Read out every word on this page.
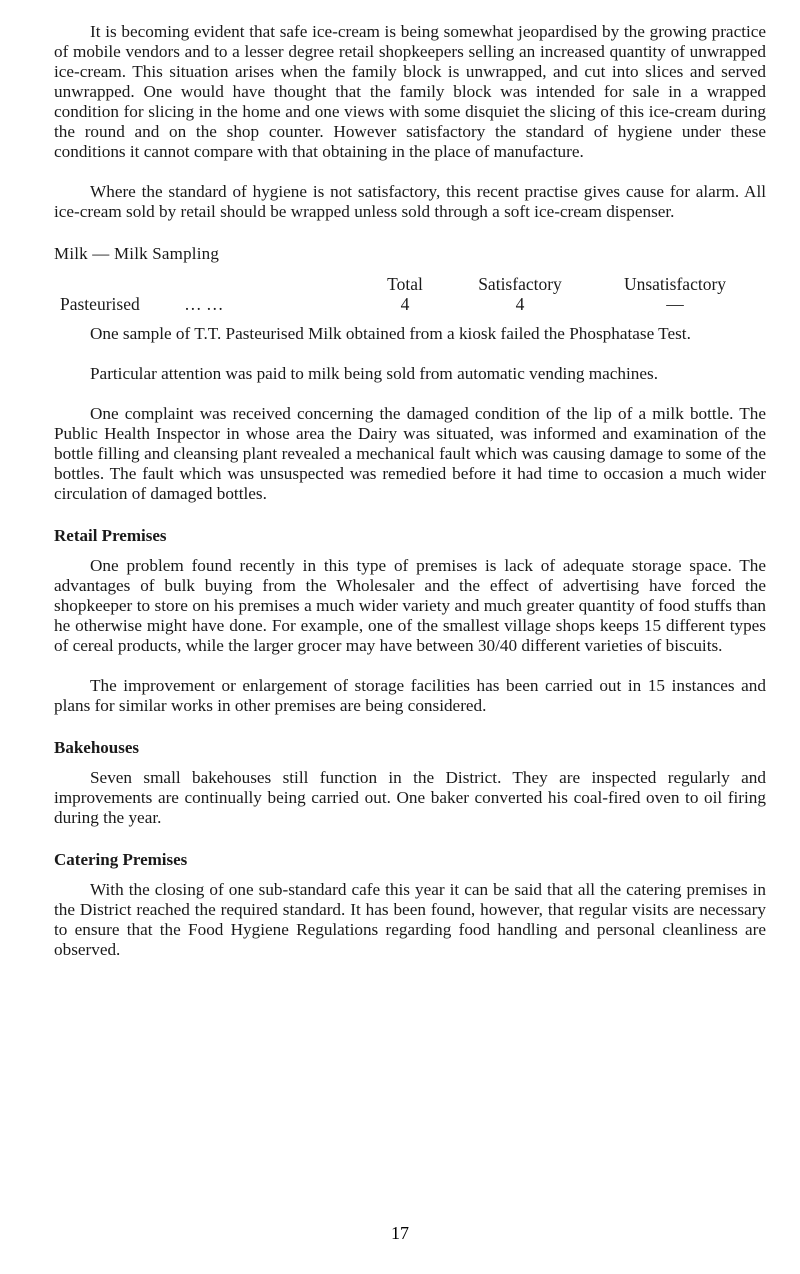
It is becoming evident that safe ice-cream is being somewhat jeopardised by the growing practice of mobile vendors and to a lesser degree retail shopkeepers selling an increased quantity of unwrapped ice-cream. This situation arises when the family block is unwrapped, and cut into slices and served unwrapped. One would have thought that the family block was intended for sale in a wrapped condition for slicing in the home and one views with some disquiet the slicing of this ice-cream during the round and on the shop counter. However satisfactory the standard of hygiene under these conditions it cannot compare with that obtaining in the place of manufacture.

Where the standard of hygiene is not satisfactory, this recent practise gives cause for alarm. All ice-cream sold by retail should be wrapped unless sold through a soft ice-cream dispenser.

Milk — Milk Sampling
	Total	Satisfactory	Unsatisfactory
Pasteurised … …	4	4	—

One sample of T.T. Pasteurised Milk obtained from a kiosk failed the Phosphatase Test.

Particular attention was paid to milk being sold from automatic vending machines.

One complaint was received concerning the damaged condition of the lip of a milk bottle. The Public Health Inspector in whose area the Dairy was situated, was informed and examination of the bottle filling and cleansing plant revealed a mechanical fault which was causing damage to some of the bottles. The fault which was unsuspected was remedied before it had time to occasion a much wider circulation of damaged bottles.

Retail Premises

One problem found recently in this type of premises is lack of adequate storage space. The advantages of bulk buying from the Wholesaler and the effect of advertising have forced the shopkeeper to store on his premises a much wider variety and much greater quantity of food stuffs than he otherwise might have done. For example, one of the smallest village shops keeps 15 different types of cereal products, while the larger grocer may have between 30/40 different varieties of biscuits.

The improvement or enlargement of storage facilities has been carried out in 15 instances and plans for similar works in other premises are being considered.

Bakehouses

Seven small bakehouses still function in the District. They are inspected regularly and improvements are continually being carried out. One baker converted his coal-fired oven to oil firing during the year.

Catering Premises

With the closing of one sub-standard cafe this year it can be said that all the catering premises in the District reached the required standard. It has been found, however, that regular visits are necessary to ensure that the Food Hygiene Regulations regarding food handling and personal cleanliness are observed.

17
